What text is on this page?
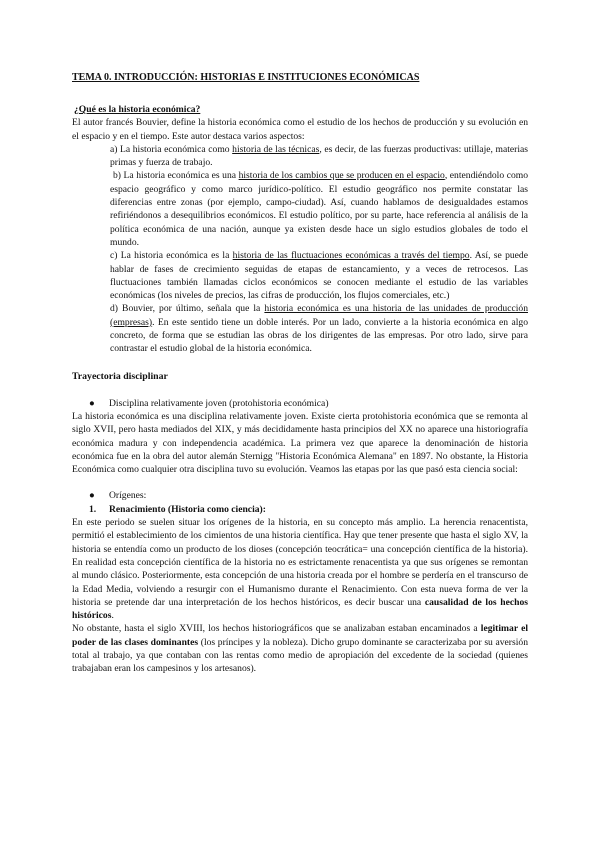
TEMA 0. INTRODUCCIÓN: HISTORIAS E INSTITUCIONES ECONÓMICAS
¿Qué es la historia económica?

El autor francés Bouvier, define la historia económica como el estudio de los hechos de producción y su evolución en el espacio y en el tiempo. Este autor destaca varios aspectos:

a) La historia económica como historia de las técnicas, es decir, de las fuerzas productivas: utillaje, materias primas y fuerza de trabajo.

b) La historia económica es una historia de los cambios que se producen en el espacio, entendiéndolo como espacio geográfico y como marco jurídico-político. El estudio geográfico nos permite constatar las diferencias entre zonas (por ejemplo, campo-ciudad). Así, cuando hablamos de desigualdades estamos refiriéndonos a desequilibrios económicos. El estudio político, por su parte, hace referencia al análisis de la política económica de una nación, aunque ya existen desde hace un siglo estudios globales de todo el mundo.

c) La historia económica es la historia de las fluctuaciones económicas a través del tiempo. Así, se puede hablar de fases de crecimiento seguidas de etapas de estancamiento, y a veces de retrocesos. Las fluctuaciones también llamadas ciclos económicos se conocen mediante el estudio de las variables económicas (los niveles de precios, las cifras de producción, los flujos comerciales, etc.)

d) Bouvier, por último, señala que la historia económica es una historia de las unidades de producción (empresas). En este sentido tiene un doble interés. Por un lado, convierte a la historia económica en algo concreto, de forma que se estudian las obras de los dirigentes de las empresas. Por otro lado, sirve para contrastar el estudio global de la historia económica.

Trayectoria disciplinar
●	Disciplina relativamente joven (protohistoria económica)

La historia económica es una disciplina relativamente joven. Existe cierta protohistoria económica que se remonta al siglo XVII, pero hasta mediados del XIX, y más decididamente hasta principios del XX no aparece una historiografía económica madura y con independencia académica. La primera vez que aparece la denominación de historia económica fue en la obra del autor alemán Sternigg "Historia Económica Alemana" en 1897. No obstante, la Historia Económica como cualquier otra disciplina tuvo su evolución. Veamos las etapas por las que pasó esta ciencia social:

●	Orígenes:
1.	Renacimiento (Historia como ciencia):

En este periodo se suelen situar los orígenes de la historia, en su concepto más amplio. La herencia renacentista, permitió el establecimiento de los cimientos de una historia científica. Hay que tener presente que hasta el siglo XV, la historia se entendía como un producto de los dioses (concepción teocrática= una concepción científica de la historia). En realidad esta concepción científica de la historia no es estrictamente renacentista ya que sus orígenes se remontan al mundo clásico. Posteriormente, esta concepción de una historia creada por el hombre se perdería en el transcurso de la Edad Media, volviendo a resurgir con el Humanismo durante el Renacimiento. Con esta nueva forma de ver la historia se pretende dar una interpretación de los hechos históricos, es decir buscar una causalidad de los hechos históricos.

No obstante, hasta el siglo XVIII, los hechos historiográficos que se analizaban estaban encaminados a legitimar el poder de las clases dominantes (los príncipes y la nobleza). Dicho grupo dominante se caracterizaba por su aversión total al trabajo, ya que contaban con las rentas como medio de apropiación del excedente de la sociedad (quienes trabajaban eran los campesinos y los artesanos).
